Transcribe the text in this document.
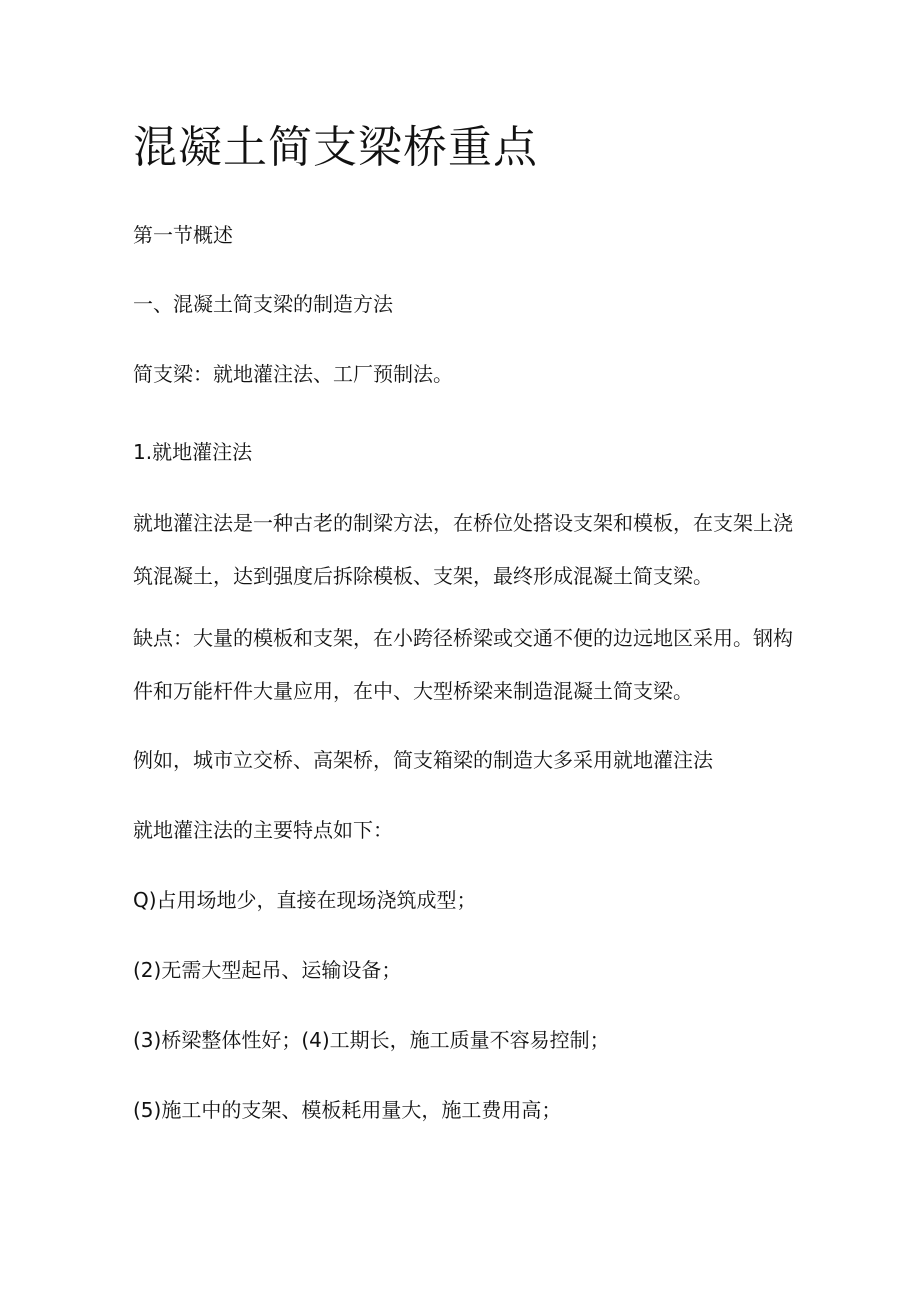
混凝土简支梁桥重点

第一节概述

一、混凝土简支梁的制造方法

简支梁：就地灌注法、工厂预制法。

1.就地灌注法

就地灌注法是一种古老的制梁方法，在桥位处搭设支架和模板，在支架上浇筑混凝土，达到强度后拆除模板、支架，最终形成混凝土简支梁。

缺点：大量的模板和支架，在小跨径桥梁或交通不便的边远地区采用。钢构件和万能杆件大量应用，在中、大型桥梁来制造混凝土简支梁。

例如，城市立交桥、高架桥，简支箱梁的制造大多采用就地灌注法

就地灌注法的主要特点如下：

Q)占用场地少，直接在现场浇筑成型；

(2)无需大型起吊、运输设备；

(3)桥梁整体性好；(4)工期长，施工质量不容易控制；

(5)施工中的支架、模板耗用量大，施工费用高；
